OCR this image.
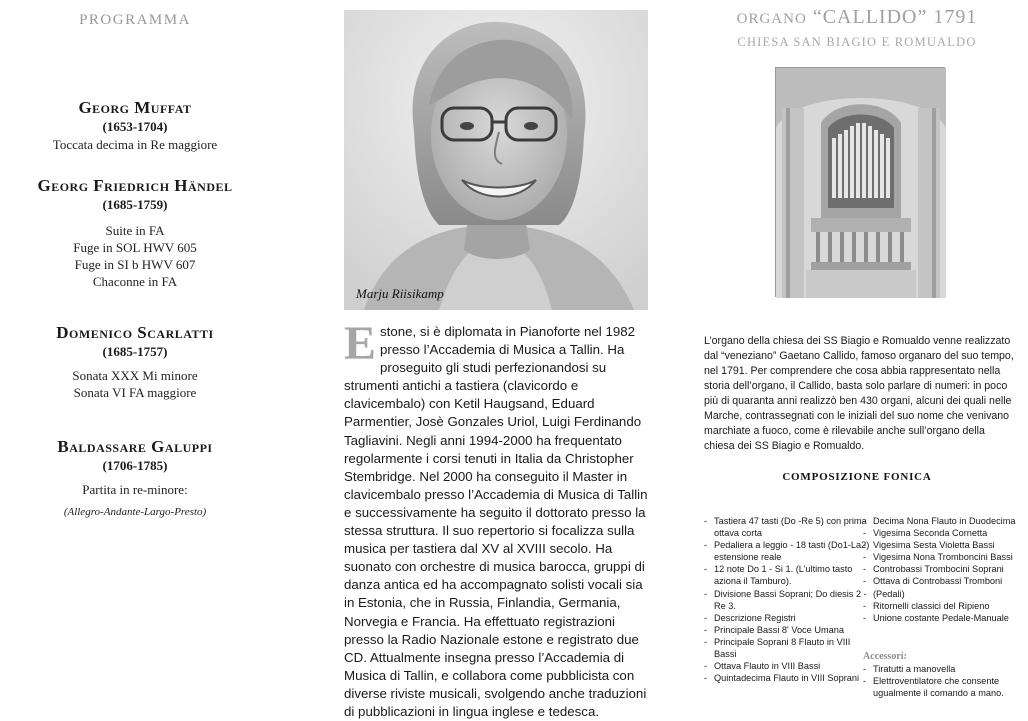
PROGRAMMA
Georg Muffat
(1653-1704)
Toccata decima in Re maggiore
Georg Friedrich Händel
(1685-1759)
Suite in FA
Fuge in SOL HWV 605
Fuge in SI b HWV 607
Chaconne in FA
Domenico Scarlatti
(1685-1757)
Sonata XXX Mi minore
Sonata VI FA maggiore
Baldassare Galuppi
(1706-1785)
Partita in re-minore:
(Allegro-Andante-Largo-Presto)
Marju Riisikamp
Estone, si è diplomata in Pianoforte nel 1982 presso l’Accademia di Musica a Tallin. Ha proseguito gli studi perfezionandosi su strumenti antichi a tastiera (clavicordo e clavicembalo) con Ketil Haugsand, Eduard Parmentier, Josè Gonzales Uriol, Luigi Ferdinando Tagliavini. Negli anni 1994-2000 ha frequentato regolarmente i corsi tenuti in Italia da Christopher Stembridge. Nel 2000 ha conseguito il Master in clavicembalo presso l’Accademia di Musica di Tallin e successivamente ha seguito il dottorato presso la stessa struttura. Il suo repertorio si focalizza sulla musica per tastiera dal XV al XVIII secolo. Ha suonato con orchestre di musica barocca, gruppi di danza antica ed ha accompagnato solisti vocali sia in Estonia, che in Russia, Finlandia, Germania, Norvegia e Francia. Ha effettuato registrazioni presso la Radio Nazionale estone e registrato due CD. Attualmente insegna presso l’Accademia di Musica di Tallin, e collabora come pubblicista con diverse riviste musicali, svolgendo anche traduzioni di pubblicazioni in lingua inglese e tedesca.
ORGANO “CALLIDO” 1791
CHIESA SAN BIAGIO E ROMUALDO
L’organo della chiesa dei SS Biagio e Romualdo venne realizzato dal “veneziano” Gaetano Callido, famoso organaro del suo tempo, nel 1791. Per comprendere che cosa abbia rappresentato nella storia dell’organo, il Callido, basta solo parlare di numeri: in poco più di quaranta anni realizzò ben 430 organi, alcuni dei quali nelle Marche, contrassegnati con le iniziali del suo nome che venivano marchiate a fuoco, come è rilevabile anche sull’organo della chiesa dei SS Biagio e Romualdo.
COMPOSIZIONE FONICA
- Tastiera 47 tasti (Do -Re 5) con prima ottava corta
- Pedaliera a leggio - 18 tasti (Do1-La2) estensione reale
- 12 note Do 1 - Si 1. (L’ultimo tasto aziona il Tamburo).
- Divisione Bassi Soprani; Do diesis 2 - Re 3.
- Descrizione Registri
- Principale Bassi 8' Voce Umana
- Principale Soprani 8 Flauto in VIII Bassi
- Ottava Flauto in VIII Bassi
- Quintadecima Flauto in VIII Soprani
- Decima Nona Flauto in Duodecima
- Vigesima Seconda Cornetta
- Vigesima Sesta Violetta Bassi
- Vigesima Nona Tromboncini Bassi
- Controbassi Trombocini Soprani
- Ottava di Controbassi Tromboni (Pedali)
- Ritornelli classici del Ripieno
- Unione costante Pedale-Manuale
Accessori:
- Tiratutti a manovella
- Elettroventilatore che consente ugualmente il comando a mano.
